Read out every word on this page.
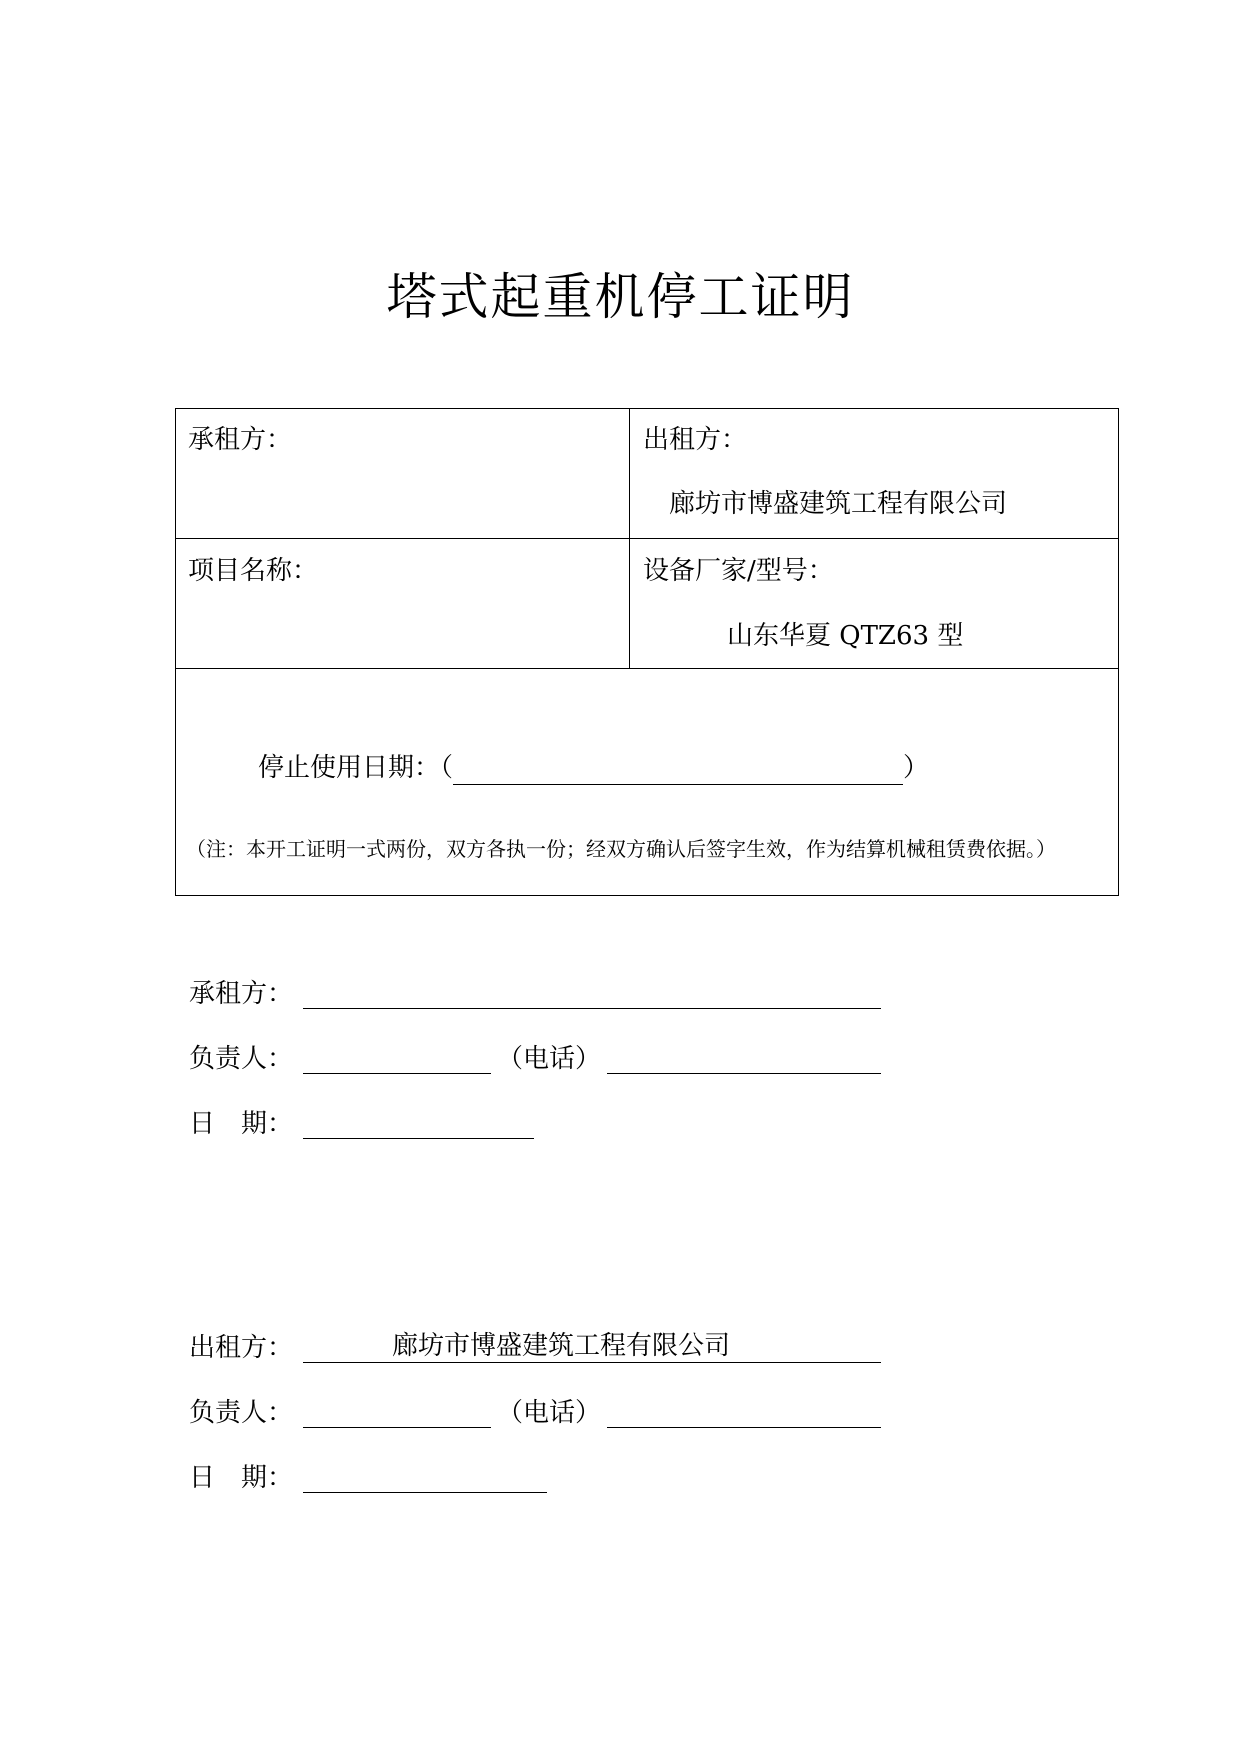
塔式起重机停工证明
承租方：	出租方：
廊坊市博盛建筑工程有限公司
项目名称：	设备厂家/型号：
山东华夏 QTZ63 型
停止使用日期：（	）
（注：本开工证明一式两份，双方各执一份；经双方确认后签字生效，作为结算机械租赁费依据。）
承租方：
负责人：	（电话）
日　期：
出租方：	廊坊市博盛建筑工程有限公司
负责人：	（电话）
日　期：
